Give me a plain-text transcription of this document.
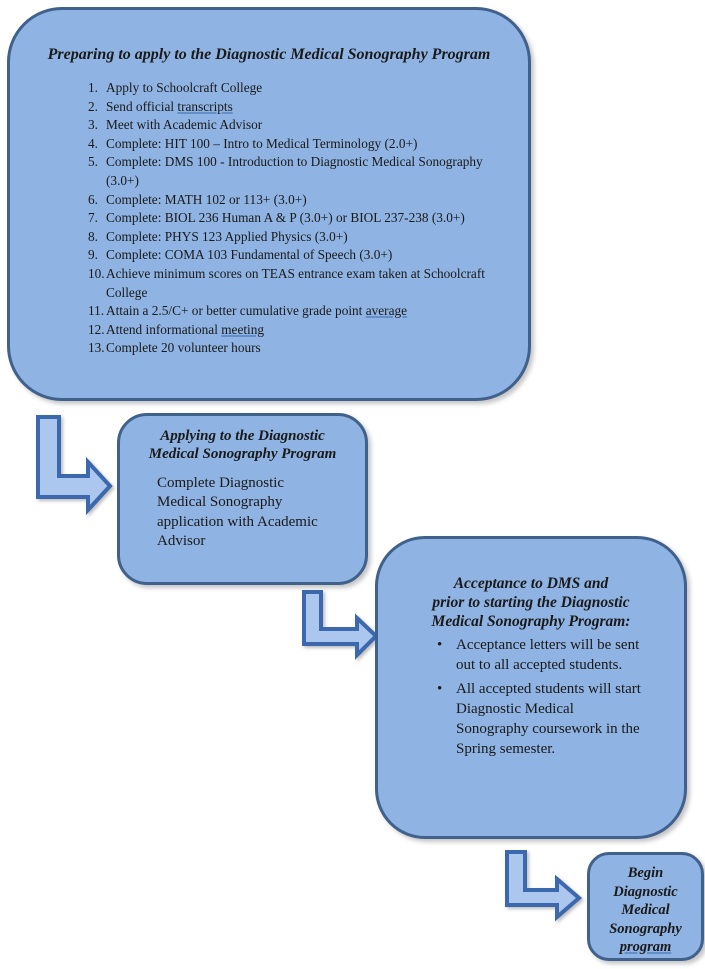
Preparing to apply to the Diagnostic Medical Sonography Program
1. Apply to Schoolcraft College
2. Send official transcripts
3. Meet with Academic Advisor
4. Complete: HIT 100 – Intro to Medical Terminology (2.0+)
5. Complete: DMS 100 - Introduction to Diagnostic Medical Sonography
(3.0+)
6. Complete: MATH 102 or 113+ (3.0+)
7. Complete: BIOL 236 Human A & P (3.0+) or BIOL 237-238 (3.0+)
8. Complete: PHYS 123 Applied Physics (3.0+)
9. Complete: COMA 103 Fundamental of Speech (3.0+)
10. Achieve minimum scores on TEAS entrance exam taken at Schoolcraft
College
11. Attain a 2.5/C+ or better cumulative grade point average
12. Attend informational meeting
13. Complete 20 volunteer hours
Applying to the Diagnostic
Medical Sonography Program
Complete Diagnostic
Medical Sonography
application with Academic
Advisor
Acceptance to DMS and
prior to starting the Diagnostic
Medical Sonography Program:
• Acceptance letters will be sent
out to all accepted students.
• All accepted students will start
Diagnostic Medical
Sonography coursework in the
Spring semester.
Begin
Diagnostic
Medical
Sonography
program
